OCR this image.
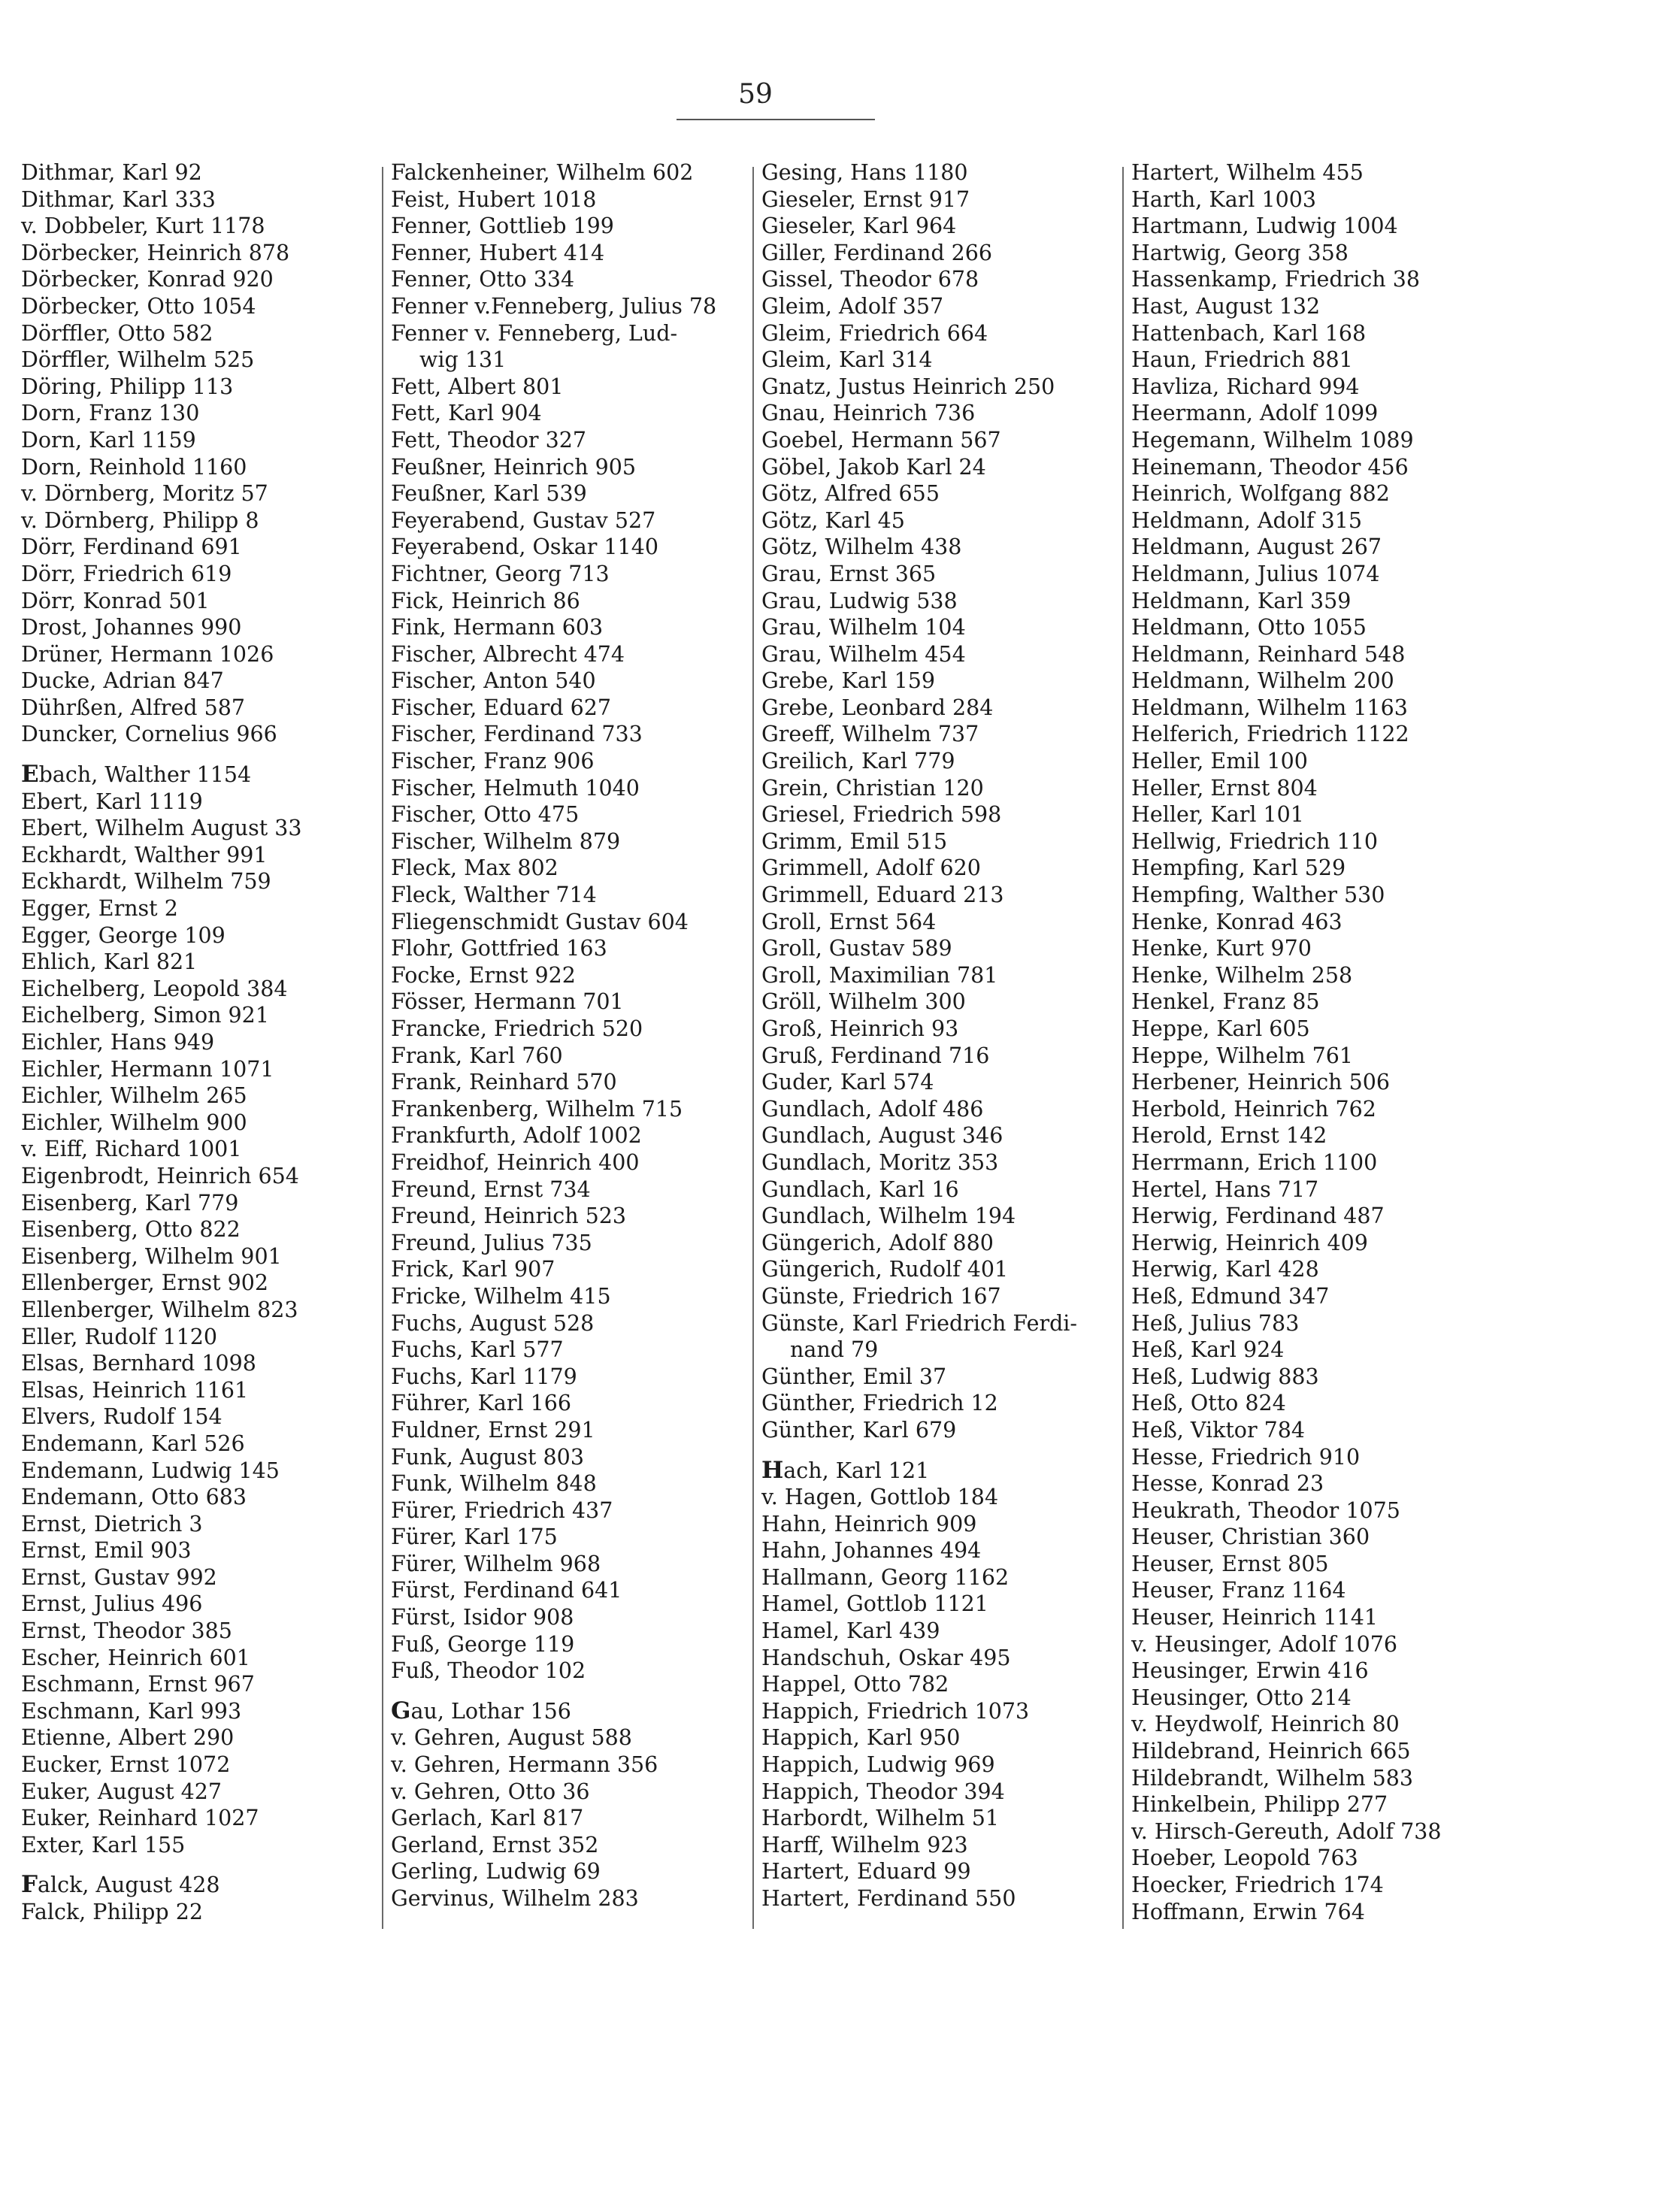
59
Dithmar, Karl 92
Dithmar, Karl 333
v. Dobbeler, Kurt 1178
Dörbecker, Heinrich 878
Dörbecker, Konrad 920
Dörbecker, Otto 1054
Dörffler, Otto 582
Dörffler, Wilhelm 525
Döring, Philipp 113
Dorn, Franz 130
Dorn, Karl 1159
Dorn, Reinhold 1160
v. Dörnberg, Moritz 57
v. Dörnberg, Philipp 8
Dörr, Ferdinand 691
Dörr, Friedrich 619
Dörr, Konrad 501
Drost, Johannes 990
Drüner, Hermann 1026
Ducke, Adrian 847
Dührßen, Alfred 587
Duncker, Cornelius 966
Ebach, Walther 1154
Ebert, Karl 1119
Ebert, Wilhelm August 33
Eckhardt, Walther 991
Eckhardt, Wilhelm 759
Egger, Ernst 2
Egger, George 109
Ehlich, Karl 821
Eichelberg, Leopold 384
Eichelberg, Simon 921
Eichler, Hans 949
Eichler, Hermann 1071
Eichler, Wilhelm 265
Eichler, Wilhelm 900
v. Eiff, Richard 1001
Eigenbrodt, Heinrich 654
Eisenberg, Karl 779
Eisenberg, Otto 822
Eisenberg, Wilhelm 901
Ellenberger, Ernst 902
Ellenberger, Wilhelm 823
Eller, Rudolf 1120
Elsas, Bernhard 1098
Elsas, Heinrich 1161
Elvers, Rudolf 154
Endemann, Karl 526
Endemann, Ludwig 145
Endemann, Otto 683
Ernst, Dietrich 3
Ernst, Emil 903
Ernst, Gustav 992
Ernst, Julius 496
Ernst, Theodor 385
Escher, Heinrich 601
Eschmann, Ernst 967
Eschmann, Karl 993
Etienne, Albert 290
Eucker, Ernst 1072
Euker, August 427
Euker, Reinhard 1027
Exter, Karl 155
Falck, August 428
Falck, Philipp 22
Falckenheiner, Wilhelm 602
Feist, Hubert 1018
Fenner, Gottlieb 199
Fenner, Hubert 414
Fenner, Otto 334
Fenner v.Fenneberg, Julius 78
Fenner v. Fenneberg, Lud-
wig 131
Fett, Albert 801
Fett, Karl 904
Fett, Theodor 327
Feußner, Heinrich 905
Feußner, Karl 539
Feyerabend, Gustav 527
Feyerabend, Oskar 1140
Fichtner, Georg 713
Fick, Heinrich 86
Fink, Hermann 603
Fischer, Albrecht 474
Fischer, Anton 540
Fischer, Eduard 627
Fischer, Ferdinand 733
Fischer, Franz 906
Fischer, Helmuth 1040
Fischer, Otto 475
Fischer, Wilhelm 879
Fleck, Max 802
Fleck, Walther 714
Fliegenschmidt Gustav 604
Flohr, Gottfried 163
Focke, Ernst 922
Fösser, Hermann 701
Francke, Friedrich 520
Frank, Karl 760
Frank, Reinhard 570
Frankenberg, Wilhelm 715
Frankfurth, Adolf 1002
Freidhof, Heinrich 400
Freund, Ernst 734
Freund, Heinrich 523
Freund, Julius 735
Frick, Karl 907
Fricke, Wilhelm 415
Fuchs, August 528
Fuchs, Karl 577
Fuchs, Karl 1179
Führer, Karl 166
Fuldner, Ernst 291
Funk, August 803
Funk, Wilhelm 848
Fürer, Friedrich 437
Fürer, Karl 175
Fürer, Wilhelm 968
Fürst, Ferdinand 641
Fürst, Isidor 908
Fuß, George 119
Fuß, Theodor 102
Gau, Lothar 156
v. Gehren, August 588
v. Gehren, Hermann 356
v. Gehren, Otto 36
Gerlach, Karl 817
Gerland, Ernst 352
Gerling, Ludwig 69
Gervinus, Wilhelm 283
Gesing, Hans 1180
Gieseler, Ernst 917
Gieseler, Karl 964
Giller, Ferdinand 266
Gissel, Theodor 678
Gleim, Adolf 357
Gleim, Friedrich 664
Gleim, Karl 314
Gnatz, Justus Heinrich 250
Gnau, Heinrich 736
Goebel, Hermann 567
Göbel, Jakob Karl 24
Götz, Alfred 655
Götz, Karl 45
Götz, Wilhelm 438
Grau, Ernst 365
Grau, Ludwig 538
Grau, Wilhelm 104
Grau, Wilhelm 454
Grebe, Karl 159
Grebe, Leonbard 284
Greeff, Wilhelm 737
Greilich, Karl 779
Grein, Christian 120
Griesel, Friedrich 598
Grimm, Emil 515
Grimmell, Adolf 620
Grimmell, Eduard 213
Groll, Ernst 564
Groll, Gustav 589
Groll, Maximilian 781
Gröll, Wilhelm 300
Groß, Heinrich 93
Gruß, Ferdinand 716
Guder, Karl 574
Gundlach, Adolf 486
Gundlach, August 346
Gundlach, Moritz 353
Gundlach, Karl 16
Gundlach, Wilhelm 194
Güngerich, Adolf 880
Güngerich, Rudolf 401
Günste, Friedrich 167
Günste, Karl Friedrich Ferdi-
nand 79
Günther, Emil 37
Günther, Friedrich 12
Günther, Karl 679
Hach, Karl 121
v. Hagen, Gottlob 184
Hahn, Heinrich 909
Hahn, Johannes 494
Hallmann, Georg 1162
Hamel, Gottlob 1121
Hamel, Karl 439
Handschuh, Oskar 495
Happel, Otto 782
Happich, Friedrich 1073
Happich, Karl 950
Happich, Ludwig 969
Happich, Theodor 394
Harbordt, Wilhelm 51
Harff, Wilhelm 923
Hartert, Eduard 99
Hartert, Ferdinand 550
Hartert, Wilhelm 455
Harth, Karl 1003
Hartmann, Ludwig 1004
Hartwig, Georg 358
Hassenkamp, Friedrich 38
Hast, August 132
Hattenbach, Karl 168
Haun, Friedrich 881
Havliza, Richard 994
Heermann, Adolf 1099
Hegemann, Wilhelm 1089
Heinemann, Theodor 456
Heinrich, Wolfgang 882
Heldmann, Adolf 315
Heldmann, August 267
Heldmann, Julius 1074
Heldmann, Karl 359
Heldmann, Otto 1055
Heldmann, Reinhard 548
Heldmann, Wilhelm 200
Heldmann, Wilhelm 1163
Helferich, Friedrich 1122
Heller, Emil 100
Heller, Ernst 804
Heller, Karl 101
Hellwig, Friedrich 110
Hempfing, Karl 529
Hempfing, Walther 530
Henke, Konrad 463
Henke, Kurt 970
Henke, Wilhelm 258
Henkel, Franz 85
Heppe, Karl 605
Heppe, Wilhelm 761
Herbener, Heinrich 506
Herbold, Heinrich 762
Herold, Ernst 142
Herrmann, Erich 1100
Hertel, Hans 717
Herwig, Ferdinand 487
Herwig, Heinrich 409
Herwig, Karl 428
Heß, Edmund 347
Heß, Julius 783
Heß, Karl 924
Heß, Ludwig 883
Heß, Otto 824
Heß, Viktor 784
Hesse, Friedrich 910
Hesse, Konrad 23
Heukrath, Theodor 1075
Heuser, Christian 360
Heuser, Ernst 805
Heuser, Franz 1164
Heuser, Heinrich 1141
v. Heusinger, Adolf 1076
Heusinger, Erwin 416
Heusinger, Otto 214
v. Heydwolf, Heinrich 80
Hildebrand, Heinrich 665
Hildebrandt, Wilhelm 583
Hinkelbein, Philipp 277
v. Hirsch-Gereuth, Adolf 738
Hoeber, Leopold 763
Hoecker, Friedrich 174
Hoffmann, Erwin 764
